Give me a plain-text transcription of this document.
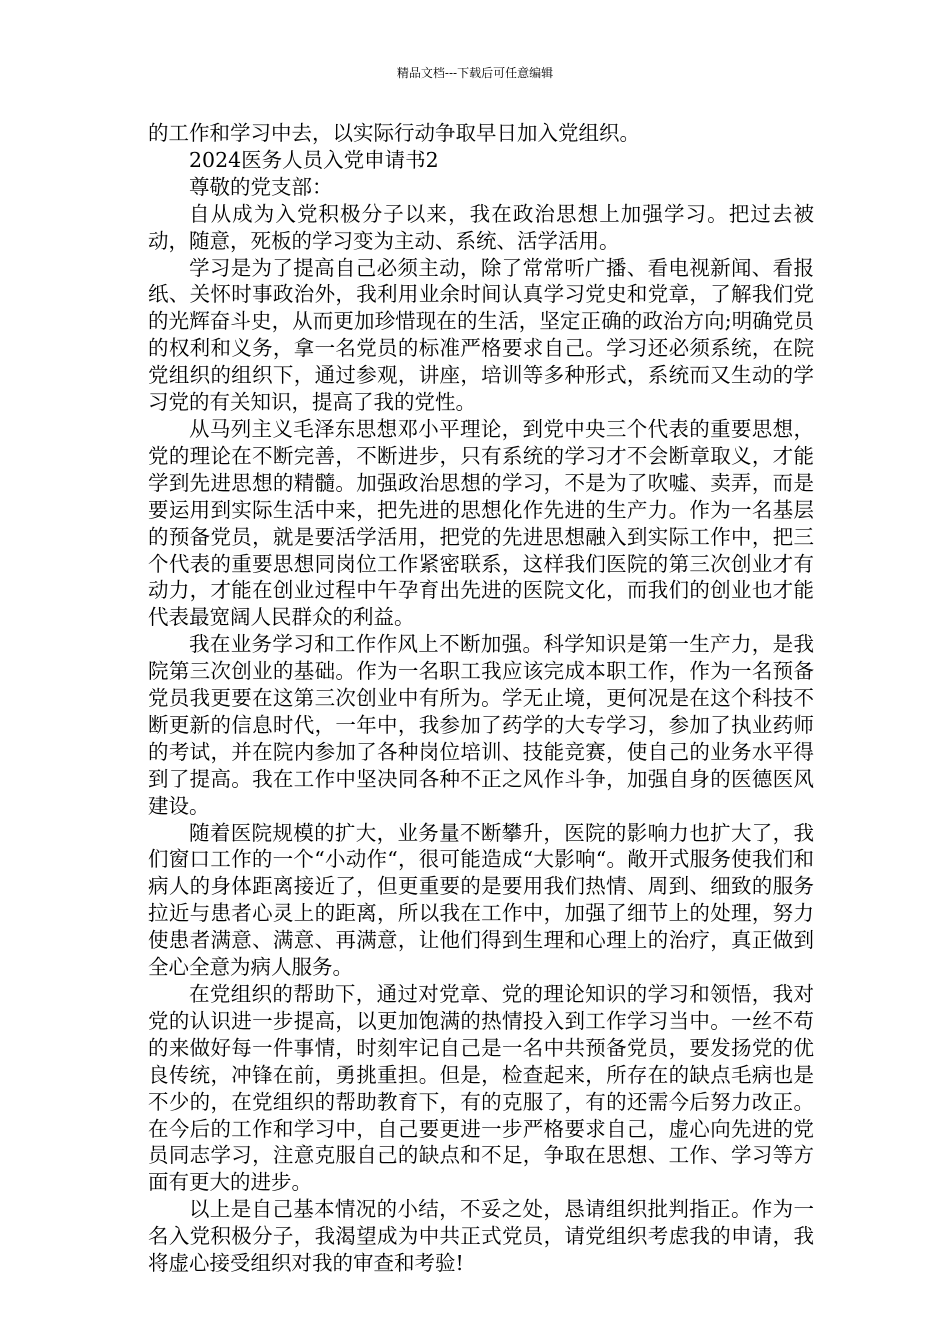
精品文档---下载后可任意编辑

的工作和学习中去，以实际行动争取早日加入党组织。

2024医务人员入党申请书2

尊敬的党支部：

自从成为入党积极分子以来，我在政治思想上加强学习。把过去被动，随意，死板的学习变为主动、系统、活学活用。

学习是为了提高自己必须主动，除了常常听广播、看电视新闻、看报纸、关怀时事政治外，我利用业余时间认真学习党史和党章，了解我们党的光辉奋斗史，从而更加珍惜现在的生活，坚定正确的政治方向;明确党员的权利和义务，拿一名党员的标准严格要求自己。学习还必须系统，在院党组织的组织下，通过参观，讲座，培训等多种形式，系统而又生动的学习党的有关知识，提高了我的党性。

从马列主义毛泽东思想邓小平理论，到党中央三个代表的重要思想，党的理论在不断完善，不断进步，只有系统的学习才不会断章取义，才能学到先进思想的精髓。加强政治思想的学习，不是为了吹嘘、卖弄，而是要运用到实际生活中来，把先进的思想化作先进的生产力。作为一名基层的预备党员，就是要活学活用，把党的先进思想融入到实际工作中，把三个代表的重要思想同岗位工作紧密联系，这样我们医院的第三次创业才有动力，才能在创业过程中午孕育出先进的医院文化，而我们的创业也才能代表最宽阔人民群众的利益。

我在业务学习和工作作风上不断加强。科学知识是第一生产力，是我院第三次创业的基础。作为一名职工我应该完成本职工作，作为一名预备党员我更要在这第三次创业中有所为。学无止境，更何况是在这个科技不断更新的信息时代，一年中，我参加了药学的大专学习，参加了执业药师的考试，并在院内参加了各种岗位培训、技能竞赛，使自己的业务水平得到了提高。我在工作中坚决同各种不正之风作斗争，加强自身的医德医风建设。

随着医院规模的扩大，业务量不断攀升，医院的影响力也扩大了，我们窗口工作的一个“小动作“，很可能造成“大影响“。敞开式服务使我们和病人的身体距离接近了，但更重要的是要用我们热情、周到、细致的服务拉近与患者心灵上的距离，所以我在工作中，加强了细节上的处理，努力使患者满意、满意、再满意，让他们得到生理和心理上的治疗，真正做到全心全意为病人服务。

在党组织的帮助下，通过对党章、党的理论知识的学习和领悟，我对党的认识进一步提高，以更加饱满的热情投入到工作学习当中。一丝不苟的来做好每一件事情，时刻牢记自己是一名中共预备党员，要发扬党的优良传统，冲锋在前，勇挑重担。但是，检查起来，所存在的缺点毛病也是不少的，在党组织的帮助教育下，有的克服了，有的还需今后努力改正。在今后的工作和学习中，自己要更进一步严格要求自己，虚心向先进的党员同志学习，注意克服自己的缺点和不足，争取在思想、工作、学习等方面有更大的进步。

以上是自己基本情况的小结，不妥之处，恳请组织批判指正。作为一名入党积极分子，我渴望成为中共正式党员，请党组织考虑我的申请，我将虚心接受组织对我的审查和考验!
